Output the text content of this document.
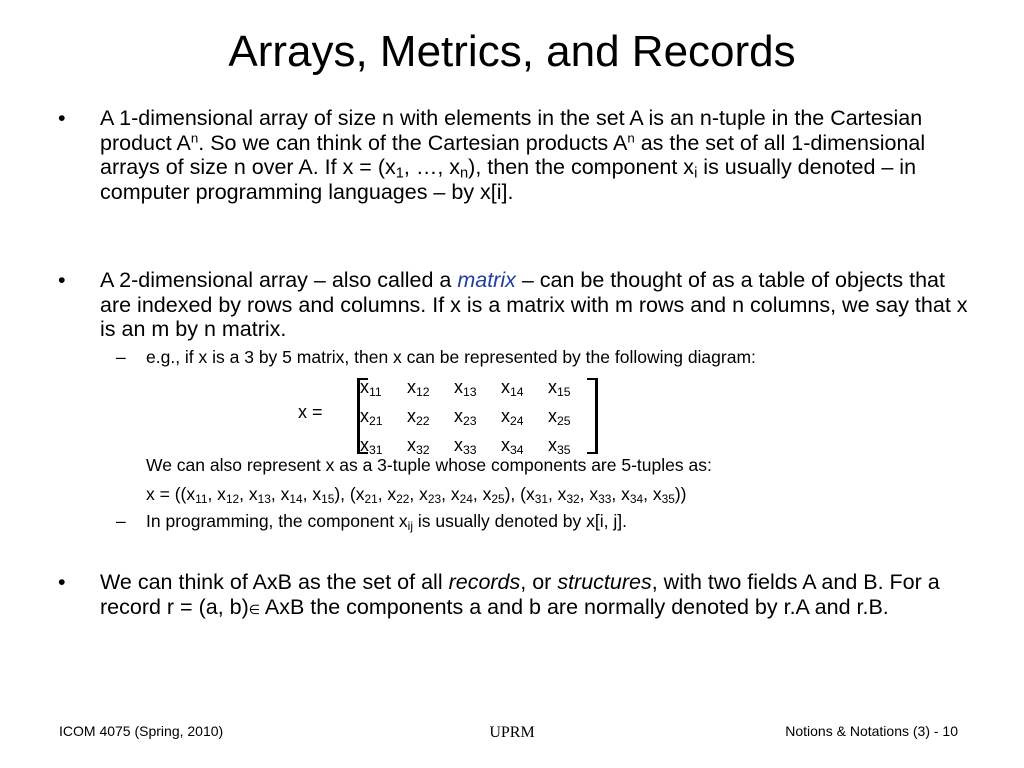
Arrays, Metrics, and Records
• A 1-dimensional array of size n with elements in the set A is an n-tuple in the Cartesian product $A^n$. So we can think of the Cartesian products $A^n$ as the set of all 1-dimensional arrays of size n over A. If $x = (x_1$, …, $x_n$), then the component $x_i$ is usually denoted – in computer programming languages – by x[i].
• A 2-dimensional array – also called a matrix – can be thought of as a table of objects that are indexed by rows and columns. If x is a matrix with m rows and n columns, we say that x is an m by n matrix.
– e.g., if x is a 3 by 5 matrix, then x can be represented by the following diagram:
x =
$x_{11}$	$x_{12}$	$x_{13}$	$x_{14}$	$x_{15}$
$x_{21}$	$x_{22}$	$x_{23}$	$x_{24}$	$x_{25}$
$x_{31}$	$x_{32}$	$x_{33}$	$x_{34}$	$x_{35}$
We can also represent x as a 3-tuple whose components are 5-tuples as:
$x = ((x_{11}$, $x_{12}$, $x_{13}$, $x_{14}$, $x_{15}$), ($x_{21}$, $x_{22}$, $x_{23}$, $x_{24}$, $x_{25}$), ($x_{31}$, $x_{32}$, $x_{33}$, $x_{34}$, $x_{35}$))
– In programming, the component $x_{ij}$ is usually denoted by x[i, j].
• We can think of AxB as the set of all records, or structures, with two fields A and B. For a record r = (a, b)∈ AxB the components a and b are normally denoted by r.A and r.B.
ICOM 4075 (Spring, 2010)	UPRM	Notions & Notations (3) - 10
